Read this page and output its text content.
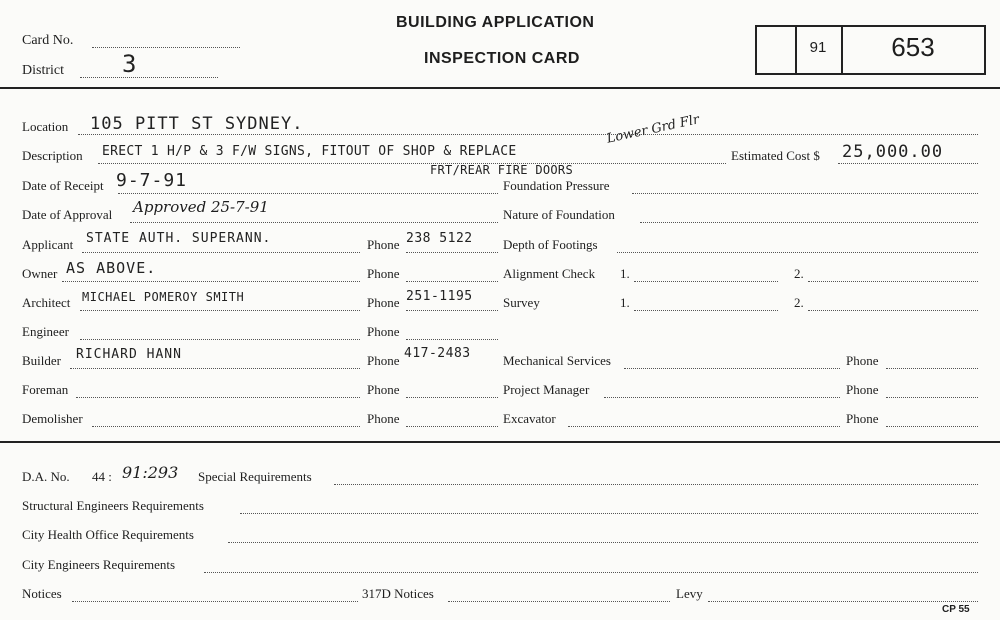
Card No.
District 3
BUILDING APPLICATION
INSPECTION CARD
91	653
Location 105 PITT ST SYDNEY.
Description ERECT 1 H/P & 3 F/W SIGNS, FITOUT OF SHOP & REPLACE
Lower Grd Flr
FRT/REAR FIRE DOORS
Estimated Cost $ 25,000.00
Date of Receipt 9-7-91
Date of Approval Approved 25-7-91
Applicant STATE AUTH. SUPERANN.	Phone 238 5122
Owner AS ABOVE.	Phone
Architect MICHAEL POMEROY SMITH	Phone 251-1195
Engineer	Phone
Builder RICHARD HANN	Phone 417-2483
Foreman	Phone
Demolisher	Phone
Foundation Pressure
Nature of Foundation
Depth of Footings
Alignment Check 1.	2.
Survey	1.	2.
Mechanical Services	Phone
Project Manager	Phone
Excavator	Phone
D.A. No. 44 : 91:293 Special Requirements
Structural Engineers Requirements
City Health Office Requirements
City Engineers Requirements
Notices	317D Notices	Levy
CP 55
